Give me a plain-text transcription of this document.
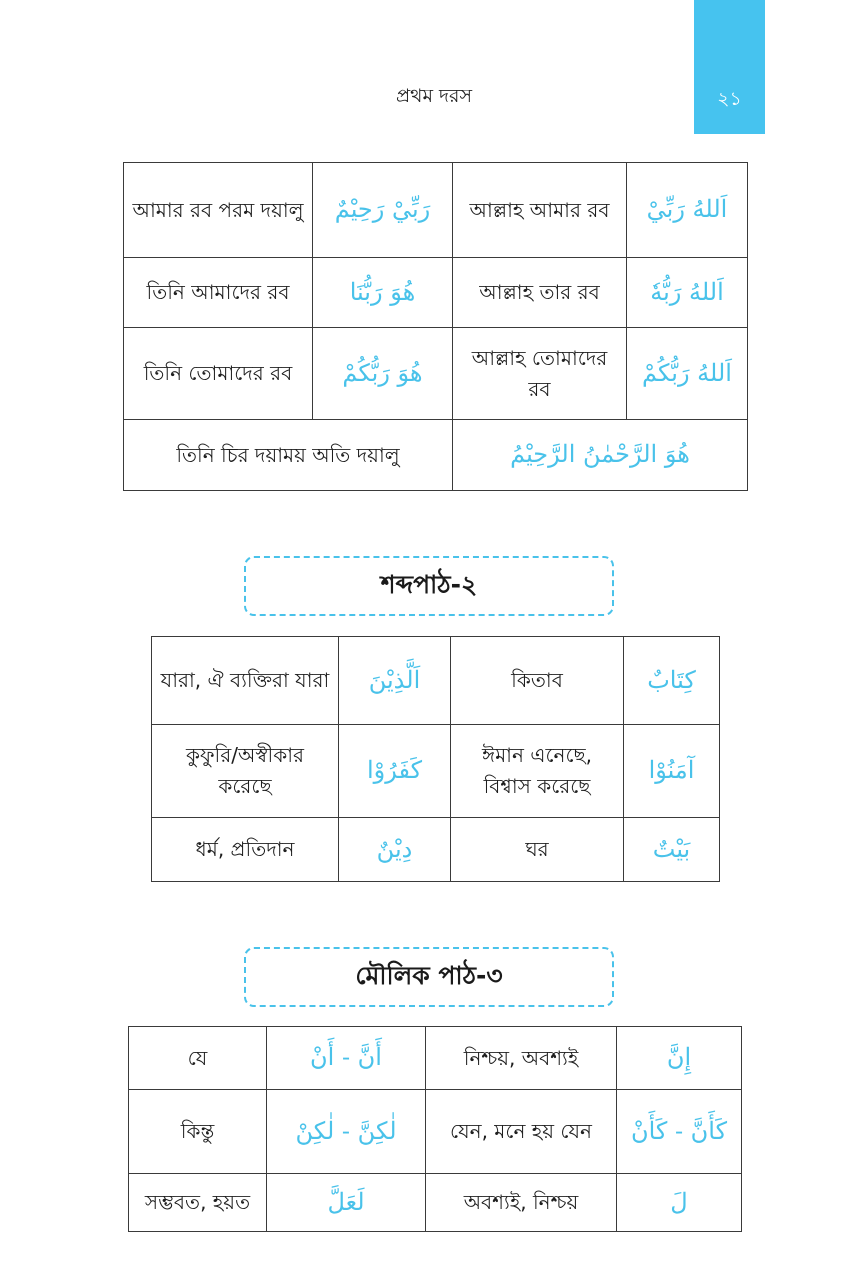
প্রথম দরস	২১
আমার রব পরম দয়ালু	رَبِّيْ رَحِيْمٌ	আল্লাহ আমার রব	اَللهُ رَبِّيْ
তিনি আমাদের রব	هُوَ رَبُّنَا	আল্লাহ তার রব	اَللهُ رَبُّهٗ
তিনি তোমাদের রব	هُوَ رَبُّكُمْ	আল্লাহ তোমাদের রব	اَللهُ رَبُّكُمْ
তিনি চির দয়াময় অতি দয়ালু		هُوَ الرَّحْمٰنُ الرَّحِيْمُ	
শব্দপাঠ-২
যারা, ঐ ব্যক্তিরা যারা	اَلَّذِيْنَ	কিতাব	كِتَابٌ
কুফুরি/অস্বীকার করেছে	كَفَرُوْا	ঈমান এনেছে, বিশ্বাস করেছে	آمَنُوْا
ধর্ম, প্রতিদান	دِيْنٌ	ঘর	بَيْتٌ
মৌলিক পাঠ-৩
যে	أَنَّ - أَنْ	নিশ্চয়, অবশ্যই	إِنَّ
কিন্তু	لٰكِنَّ - لٰكِنْ	যেন, মনে হয় যেন	كَأَنَّ - كَأَنْ
সম্ভবত, হয়ত	لَعَلَّ	অবশ্যই, নিশ্চয়	لَ
